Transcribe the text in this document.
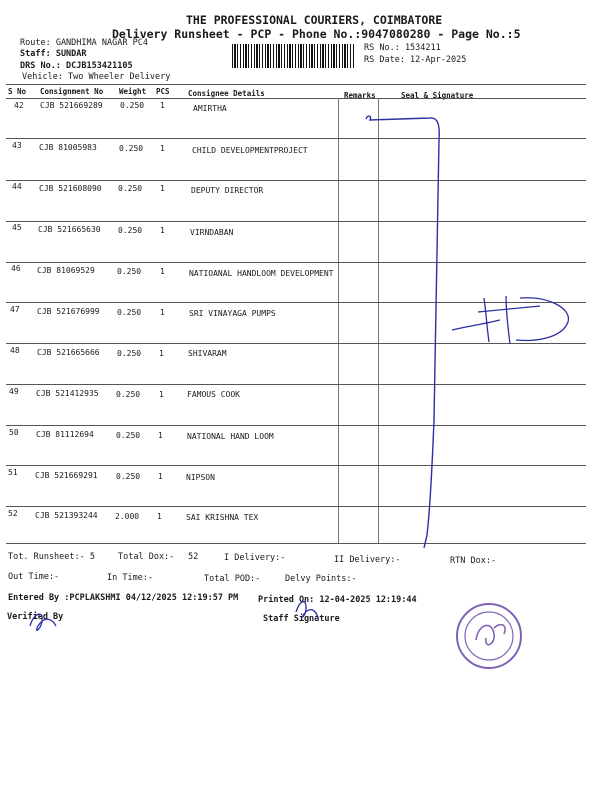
THE PROFESSIONAL COURIERS, COIMBATORE
Delivery Runsheet - PCP - Phone No.:9047080280 - Page No.:5
Route: GANDHIMA NAGAR PC4
Staff: SUNDAR
DRS No.: DCJB153421105
Vehicle: Two Wheeler Delivery
RS No.: 1534211
RS Date: 12-Apr-2025
S No Consignment No Weight PCS Consignee Details	Remarks	Seal & Signature
42 CJB 521669289 0.250 1	AMIRTHA
43 CJB 81005983	0.250 1	CHILD DEVELOPMENTPROJECT
44 CJB 521608090 0.250 1	DEPUTY DIRECTOR
45 CJB 521665630 0.250 1	VIRNDABAN
46 CJB 81069529	0.250 1	NATIOANAL HANDLOOM DEVELOPMENT
47 CJB 521676999 0.250 1	SRI VINAYAGA PUMPS
48 CJB 521665666 0.250 1	SHIVARAM
49 CJB 521412935 0.250 1	FAMOUS COOK
50 CJB 81112694	0.250 1	NATIONAL HAND LOOM
51 CJB 521669291 0.250 1	NIPSON
52 CJB 521393244 2.000 1	SAI KRISHNA TEX
Tot. Runsheet:- 5	Total Dox:- 52	I Delivery:-	II Delivery:-	RTN Dox:-
Out Time:-	In Time:-	Total POD:-	Delvy Points:-
Entered By :PCPLAKSHMI 04/12/2025 12:19:57 PM Printed On: 12-04-2025 12:19:44
Verified By	Staff Signature
